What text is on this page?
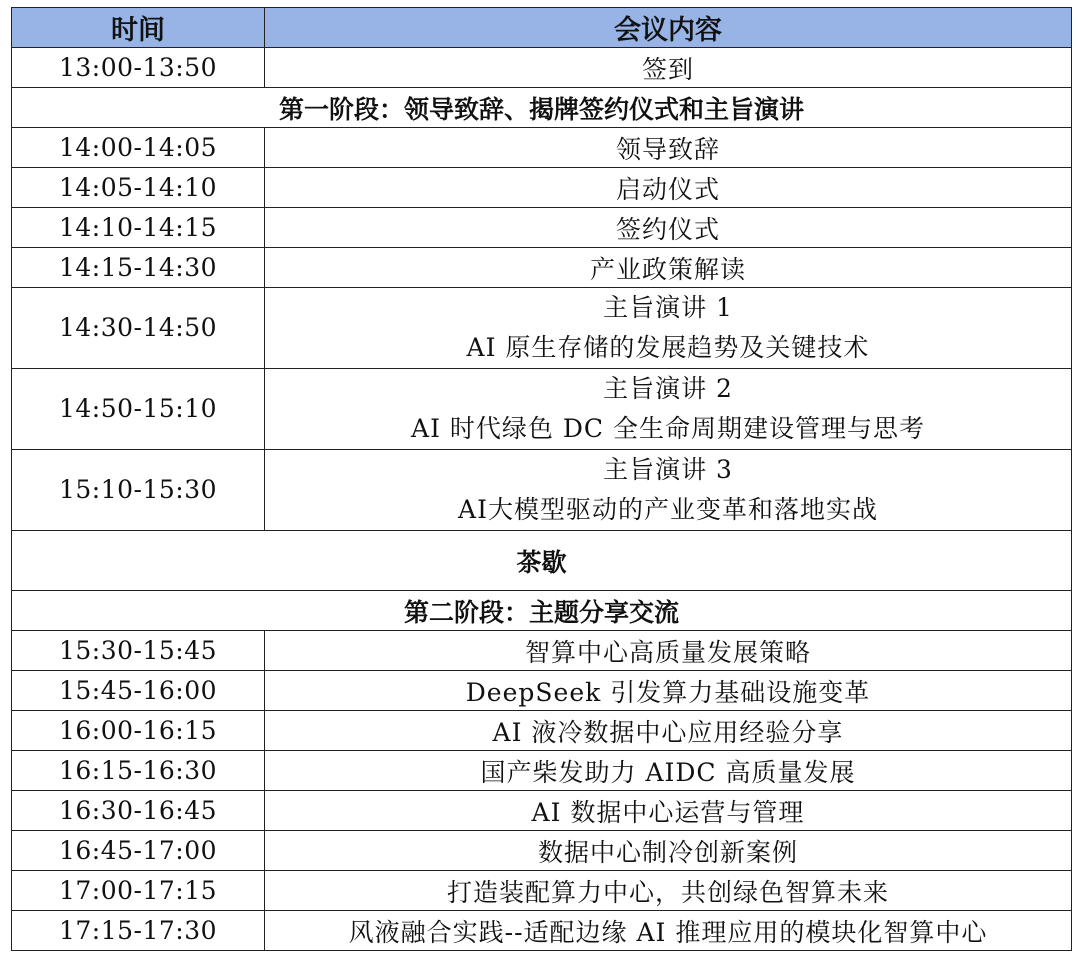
时间	会议内容
13:00-13:50	签到
第一阶段：领导致辞、揭牌签约仪式和主旨演讲	
14:00-14:05	领导致辞
14:05-14:10	启动仪式
14:10-14:15	签约仪式
14:15-14:30	产业政策解读
14:30-14:50	主旨演讲 1
AI 原生存储的发展趋势及关键技术

14:50-15:10	主旨演讲 2
AI 时代绿色 DC 全生命周期建设管理与思考

15:10-15:30	主旨演讲 3
AI大模型驱动的产业变革和落地实战

茶歇	
第二阶段：主题分享交流	
15:30-15:45	智算中心高质量发展策略
15:45-16:00	DeepSeek 引发算力基础设施变革
16:00-16:15	AI 液冷数据中心应用经验分享
16:15-16:30	国产柴发助力 AIDC 高质量发展
16:30-16:45	AI 数据中心运营与管理
16:45-17:00	数据中心制冷创新案例
17:00-17:15	打造装配算力中心，共创绿色智算未来
17:15-17:30	风液融合实践--适配边缘 AI 推理应用的模块化智算中心
